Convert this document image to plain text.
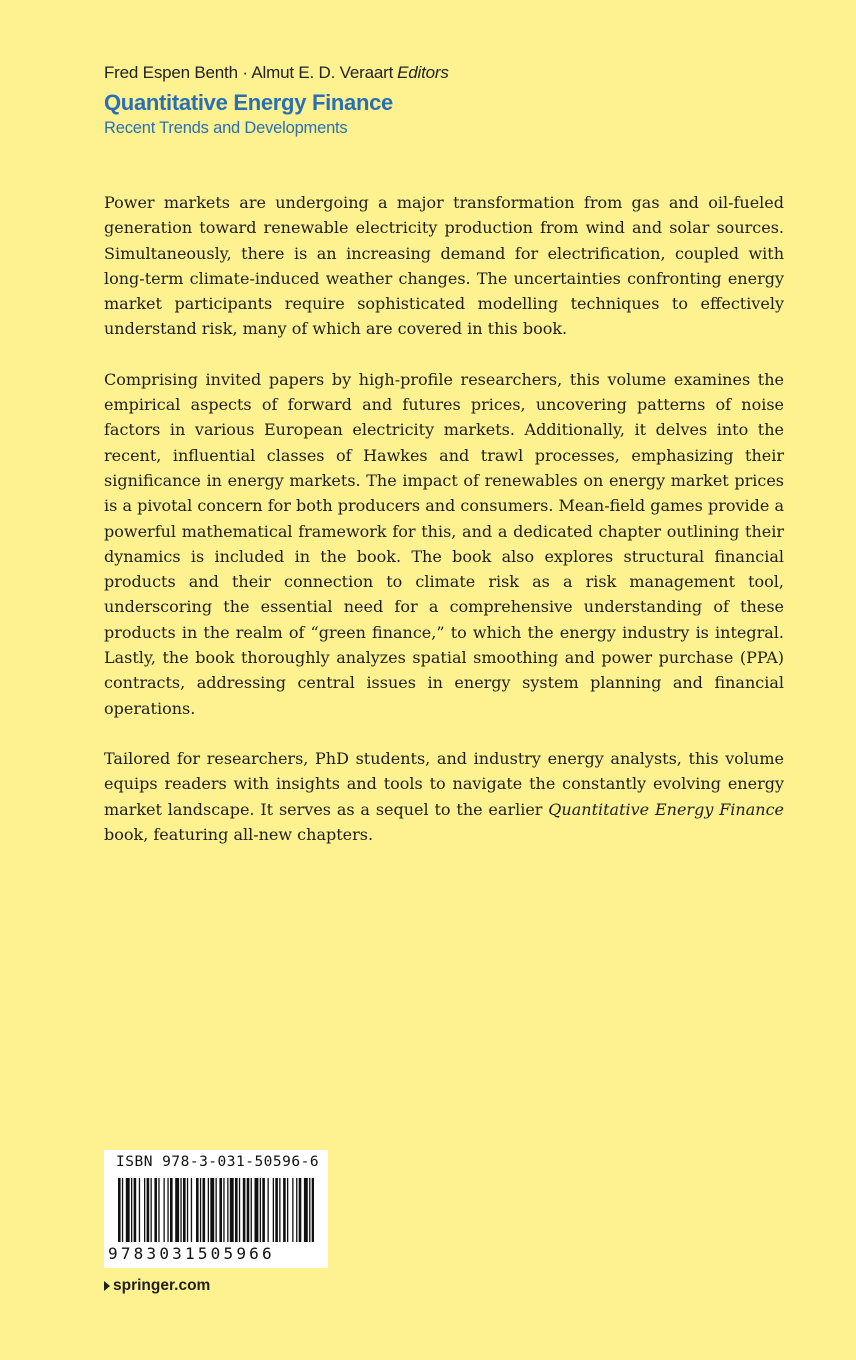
Fred Espen Benth · Almut E. D. Veraart Editors
Quantitative Energy Finance
Recent Trends and Developments

Power markets are undergoing a major transformation from gas and oil-fueled generation toward renewable electricity production from wind and solar sources. Simultaneously, there is an increasing demand for electrification, coupled with long-term climate-induced weather changes. The uncertainties confronting energy market participants require sophisticated modelling techniques to effectively understand risk, many of which are covered in this book.

Comprising invited papers by high-profile researchers, this volume examines the empirical aspects of forward and futures prices, uncovering patterns of noise factors in various European electricity markets. Additionally, it delves into the recent, influential classes of Hawkes and trawl processes, emphasizing their significance in energy markets. The impact of renewables on energy market prices is a pivotal concern for both producers and consumers. Mean-field games provide a powerful mathematical framework for this, and a dedicated chapter outlining their dynamics is included in the book. The book also explores structural financial products and their connection to climate risk as a risk management tool, underscoring the essential need for a comprehensive understanding of these products in the realm of “green finance,” to which the energy industry is integral. Lastly, the book thoroughly analyzes spatial smoothing and power purchase (PPA) contracts, addressing central issues in energy system planning and financial operations.

Tailored for researchers, PhD students, and industry energy analysts, this volume equips readers with insights and tools to navigate the constantly evolving energy market landscape. It serves as a sequel to the earlier Quantitative Energy Finance book, featuring all-new chapters.

ISBN 978-3-031-50596-6
9783031505966
springer.com
